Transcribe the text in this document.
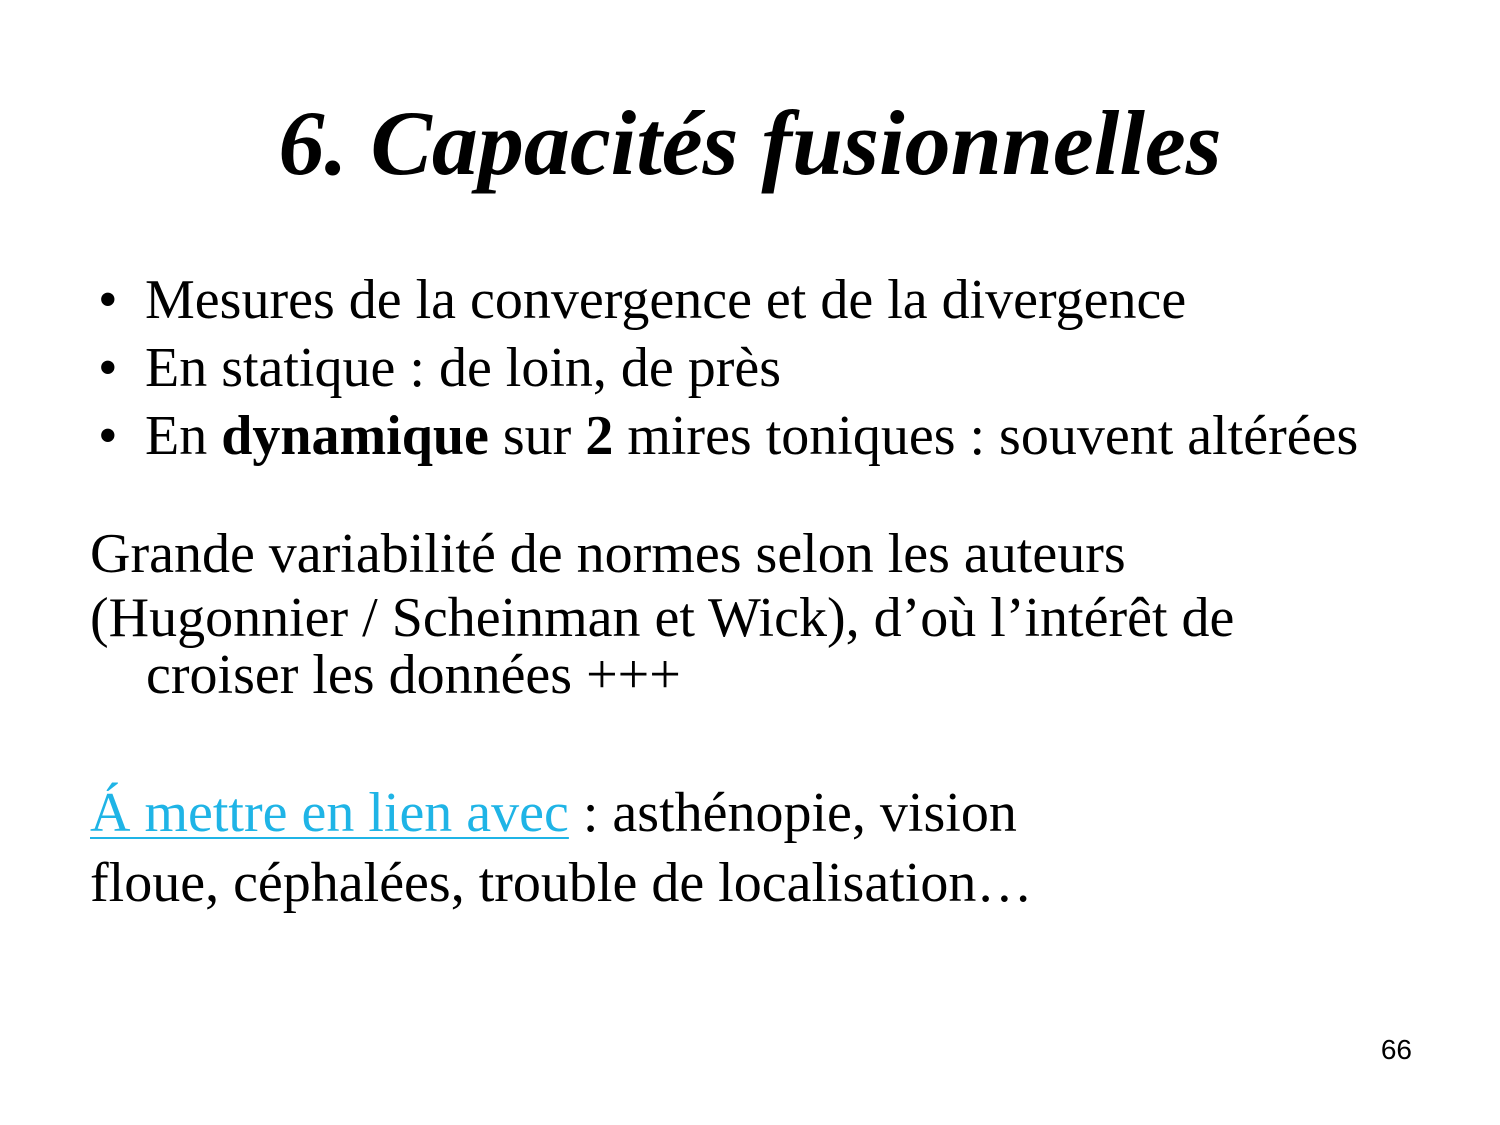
6. Capacités fusionnelles
• Mesures de la convergence et de la divergence
• En statique : de loin, de près
• En dynamique sur 2 mires toniques : souvent altérées

Grande variabilité de normes selon les auteurs
(Hugonnier / Scheinman et Wick), d’où l’intérêt de
croiser les données +++

Á mettre en lien avec : asthénopie, vision
floue, céphalées, trouble de localisation…

66
